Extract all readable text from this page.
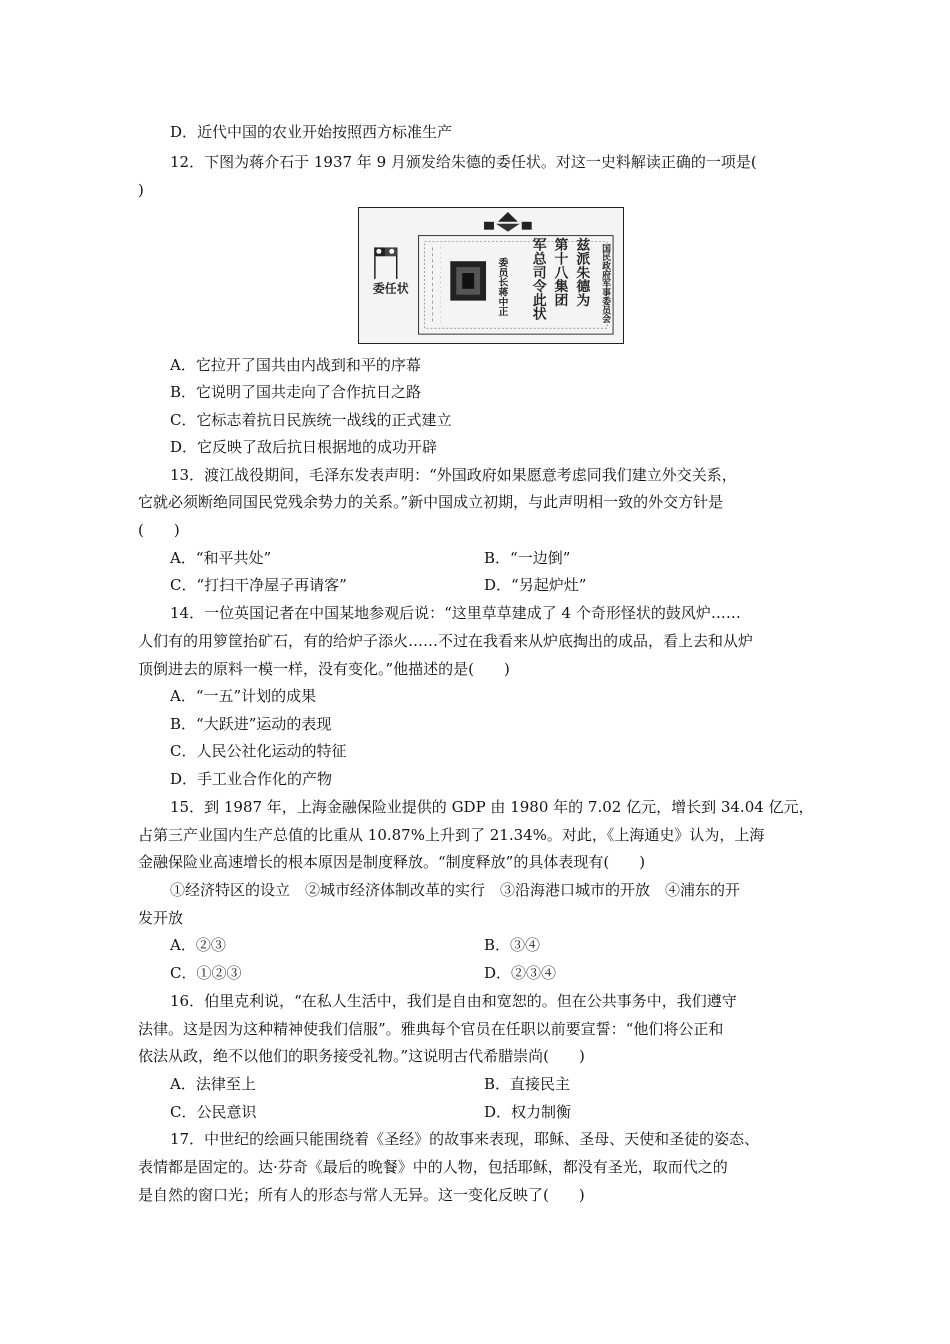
D．近代中国的农业开始按照西方标准生产
12．下图为蒋介石于 1937 年 9 月颁发给朱德的委任状。对这一史料解读正确的一项是(
)
委任状	国民政府军事委员会
兹派朱德为
第十八集团
军总司令此状
委员长蒋中正
A．它拉开了国共由内战到和平的序幕
B．它说明了国共走向了合作抗日之路
C．它标志着抗日民族统一战线的正式建立
D．它反映了敌后抗日根据地的成功开辟
13．渡江战役期间，毛泽东发表声明：“外国政府如果愿意考虑同我们建立外交关系，
它就必须断绝同国民党残余势力的关系。”新中国成立初期，与此声明相一致的外交方针是
(　　)
A．“和平共处”	B．“一边倒”
C．“打扫干净屋子再请客”	D．“另起炉灶”
14．一位英国记者在中国某地参观后说：“这里草草建成了 4 个奇形怪状的鼓风炉……
人们有的用箩筐抬矿石，有的给炉子添火……不过在我看来从炉底掏出的成品，看上去和从炉
顶倒进去的原料一模一样，没有变化。”他描述的是(　　)
A．“一五”计划的成果
B．“大跃进”运动的表现
C．人民公社化运动的特征
D．手工业合作化的产物
15．到 1987 年，上海金融保险业提供的 GDP 由 1980 年的 7.02 亿元，增长到 34.04 亿元，
占第三产业国内生产总值的比重从 10.87%上升到了 21.34%。对此，《上海通史》认为，上海
金融保险业高速增长的根本原因是制度释放。“制度释放”的具体表现有(　　)
①经济特区的设立　②城市经济体制改革的实行　③沿海港口城市的开放　④浦东的开
发开放
A．②③	B．③④
C．①②③	D．②③④
16．伯里克利说，“在私人生活中，我们是自由和宽恕的。但在公共事务中，我们遵守
法律。这是因为这种精神使我们信服”。雅典每个官员在任职以前要宣誓：“他们将公正和
依法从政，绝不以他们的职务接受礼物。”这说明古代希腊崇尚(　　)
A．法律至上	B．直接民主
C．公民意识	D．权力制衡
17．中世纪的绘画只能围绕着《圣经》的故事来表现，耶稣、圣母、天使和圣徒的姿态、
表情都是固定的。达·芬奇《最后的晚餐》中的人物，包括耶稣，都没有圣光，取而代之的
是自然的窗口光；所有人的形态与常人无异。这一变化反映了(　　)
